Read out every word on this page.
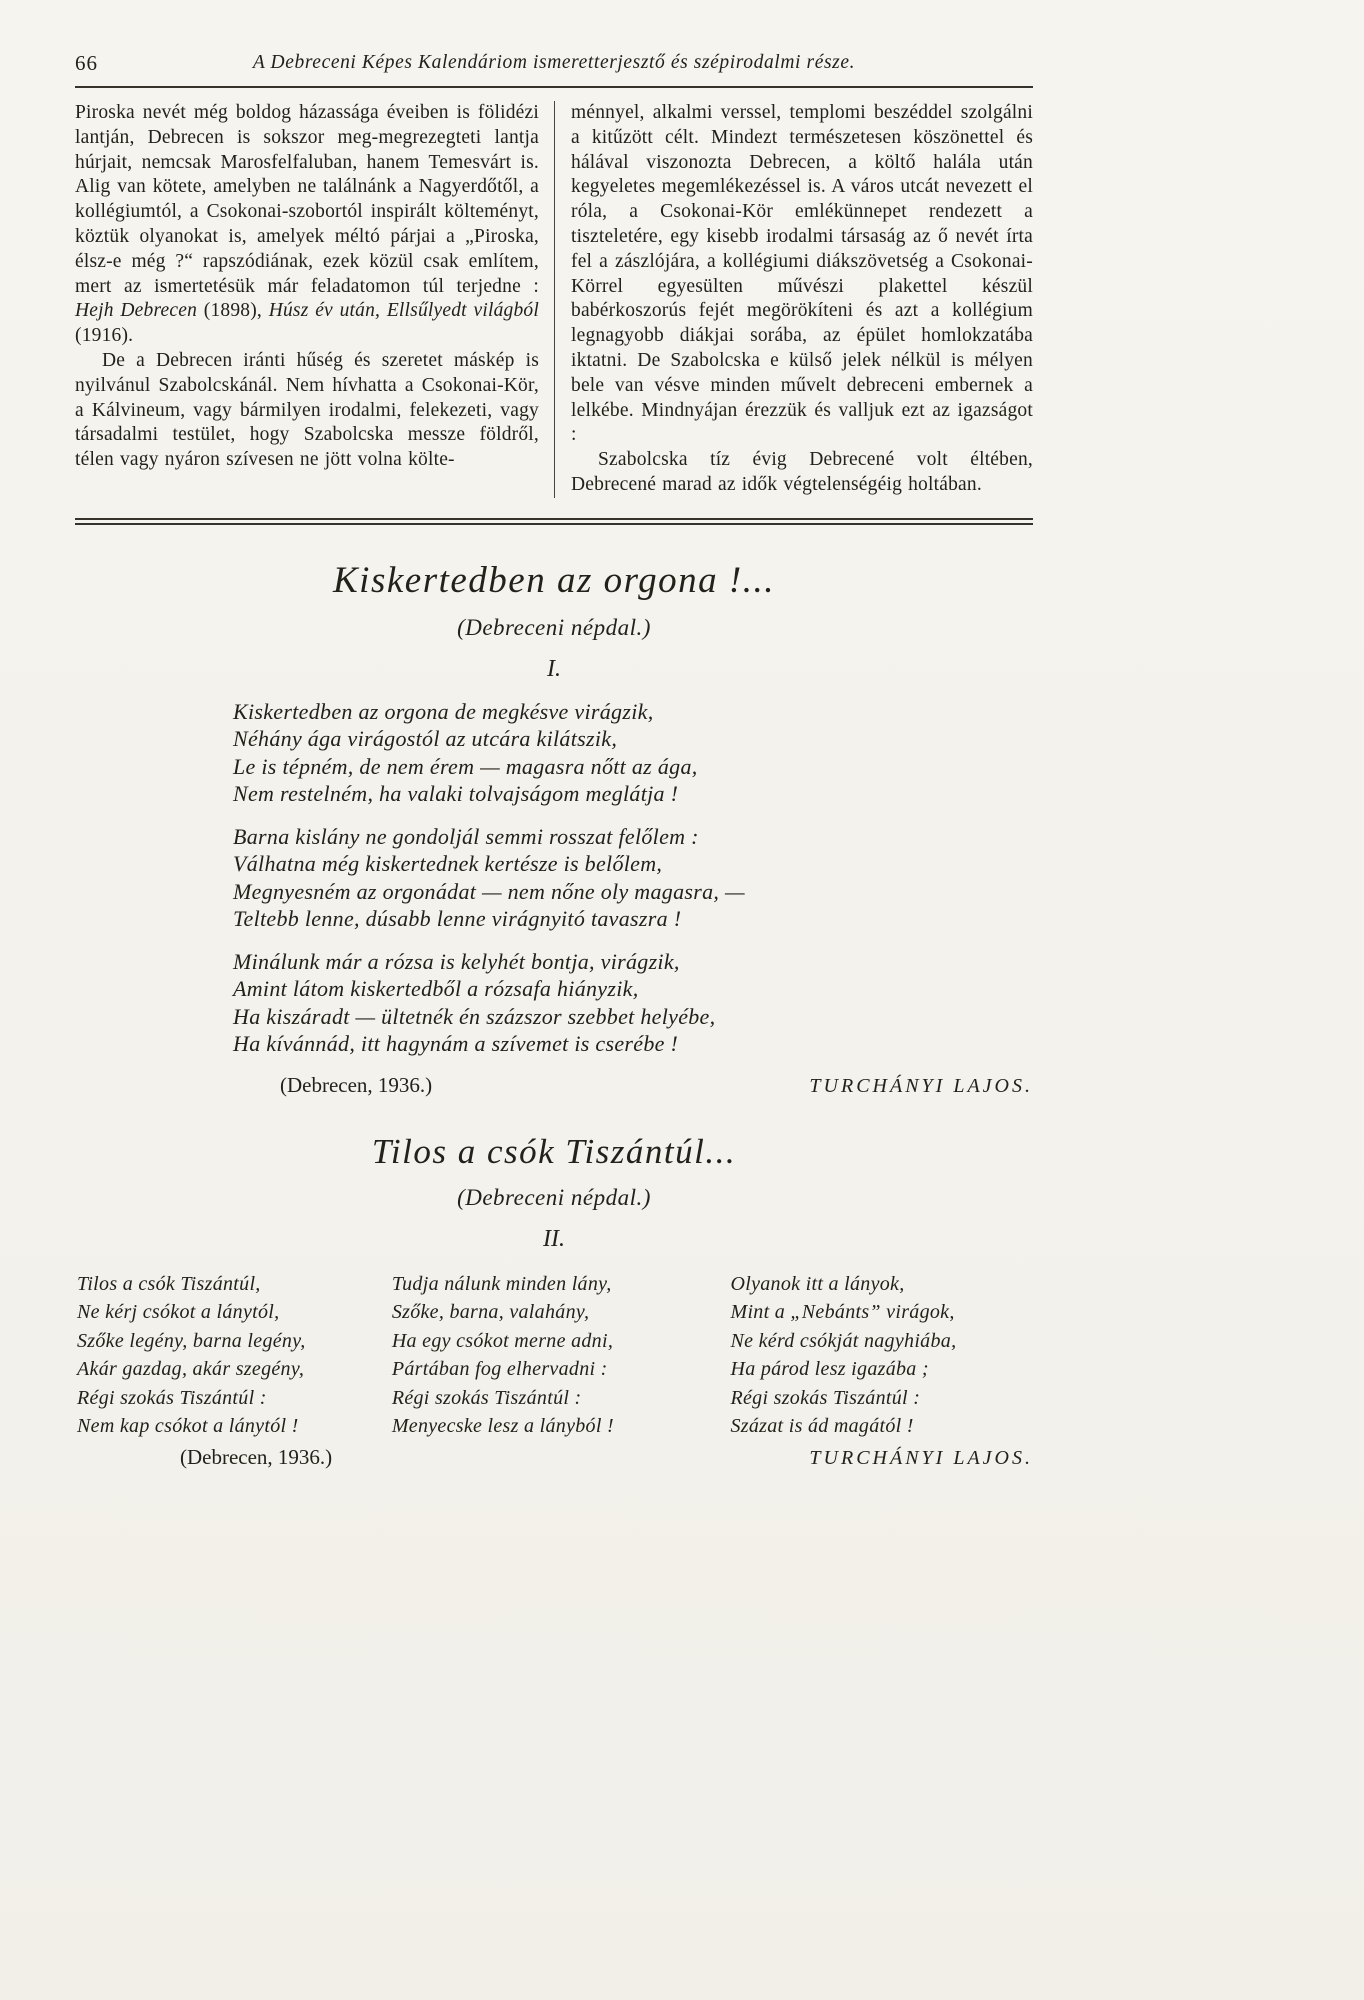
66	A Debreceni Képes Kalendáriom ismeretterjesztő és szépirodalmi része.

Piroska nevét még boldog házassága éveiben is fölidézi lantján, Debrecen is sokszor meg-megrezegteti lantja húrjait, nemcsak Marosfelfaluban, hanem Temesvárt is. Alig van kötete, amelyben ne találnánk a Nagyerdőtől, a kollégiumtól, a Csokonai-szobortól inspirált költeményt, köztük olyanokat is, amelyek méltó párjai a „Piroska, élsz-e még ?“ rapszódiának, ezek közül csak említem, mert az ismertetésük már feladatomon túl terjedne : Hejh Debrecen (1898), Húsz év után, Ellsűlyedt világból (1916).

De a Debrecen iránti hűség és szeretet máskép is nyilvánul Szabolcskánál. Nem hívhatta a Csokonai-Kör, a Kálvineum, vagy bármilyen irodalmi, felekezeti, vagy társadalmi testület, hogy Szabolcska messze földről, télen vagy nyáron szívesen ne jött volna költe-

ménnyel, alkalmi verssel, templomi beszéddel szolgálni a kitűzött célt. Mindezt természetesen köszönettel és hálával viszonozta Debrecen, a költő halála után kegyeletes megemlékezéssel is. A város utcát nevezett el róla, a Csokonai-Kör emlékünnepet rendezett a tiszteletére, egy kisebb irodalmi társaság az ő nevét írta fel a zászlójára, a kollégiumi diákszövetség a Csokonai-Körrel egyesülten művészi plakettel készül babérkoszorús fejét megörökíteni és azt a kollégium legnagyobb diákjai sorába, az épület homlokzatába iktatni. De Szabolcska e külső jelek nélkül is mélyen bele van vésve minden művelt debreceni embernek a lelkébe. Mindnyájan érezzük és valljuk ezt az igazságot :

Szabolcska tíz évig Debrecené volt éltében, Debrecené marad az idők végtelenségéig holtában.

Kiskertedben az orgona !...
(Debreceni népdal.)
I.
Kiskertedben az orgona de megkésve virágzik,
Néhány ága virágostól az utcára kilátszik,
Le is tépném, de nem érem — magasra nőtt az ága,
Nem restelném, ha valaki tolvajságom meglátja !
Barna kislány ne gondoljál semmi rosszat felőlem :
Válhatna még kiskertednek kertésze is belőlem,
Megnyesném az orgonádat — nem nőne oly magasra, —
Teltebb lenne, dúsabb lenne virágnyitó tavaszra !
Minálunk már a rózsa is kelyhét bontja, virágzik,
Amint látom kiskertedből a rózsafa hiányzik,
Ha kiszáradt — ültetnék én százszor szebbet helyébe,
Ha kívánnád, itt hagynám a szívemet is cserébe !
(Debrecen, 1936.)	TURCHÁNYI LAJOS.
Tilos a csók Tiszántúl...
(Debreceni népdal.)
II.
Tilos a csók Tiszántúl,
Ne kérj csókot a lánytól,
Szőke legény, barna legény,
Akár gazdag, akár szegény,
Régi szokás Tiszántúl :
Nem kap csókot a lánytól !
Tudja nálunk minden lány,
Szőke, barna, valahány,
Ha egy csókot merne adni,
Pártában fog elhervadni :
Régi szokás Tiszántúl :
Menyecske lesz a lányból !
Olyanok itt a lányok,
Mint a „Nebánts” virágok,
Ne kérd csókját nagyhiába,
Ha párod lesz igazába ;
Régi szokás Tiszántúl :
Százat is ád magától !
(Debrecen, 1936.)	TURCHÁNYI LAJOS.
